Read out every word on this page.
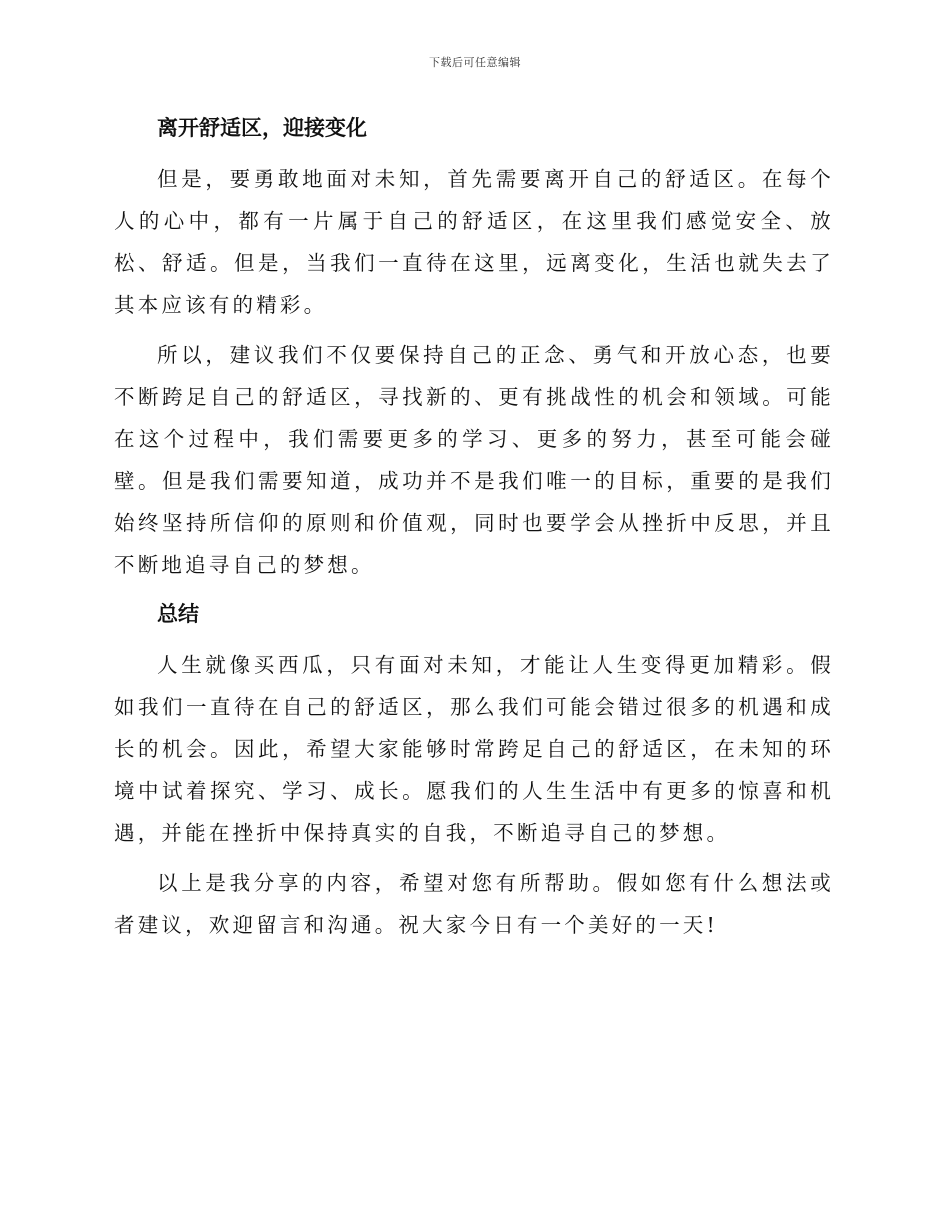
下载后可任意编辑
离开舒适区，迎接变化

但是，要勇敢地面对未知，首先需要离开自己的舒适区。在每个人的心中，都有一片属于自己的舒适区，在这里我们感觉安全、放松、舒适。但是，当我们一直待在这里，远离变化，生活也就失去了其本应该有的精彩。

所以，建议我们不仅要保持自己的正念、勇气和开放心态，也要不断跨足自己的舒适区，寻找新的、更有挑战性的机会和领域。可能在这个过程中，我们需要更多的学习、更多的努力，甚至可能会碰壁。但是我们需要知道，成功并不是我们唯一的目标，重要的是我们始终坚持所信仰的原则和价值观，同时也要学会从挫折中反思，并且不断地追寻自己的梦想。

总结

人生就像买西瓜，只有面对未知，才能让人生变得更加精彩。假如我们一直待在自己的舒适区，那么我们可能会错过很多的机遇和成长的机会。因此，希望大家能够时常跨足自己的舒适区，在未知的环境中试着探究、学习、成长。愿我们的人生生活中有更多的惊喜和机遇，并能在挫折中保持真实的自我，不断追寻自己的梦想。

以上是我分享的内容，希望对您有所帮助。假如您有什么想法或者建议，欢迎留言和沟通。祝大家今日有一个美好的一天!
